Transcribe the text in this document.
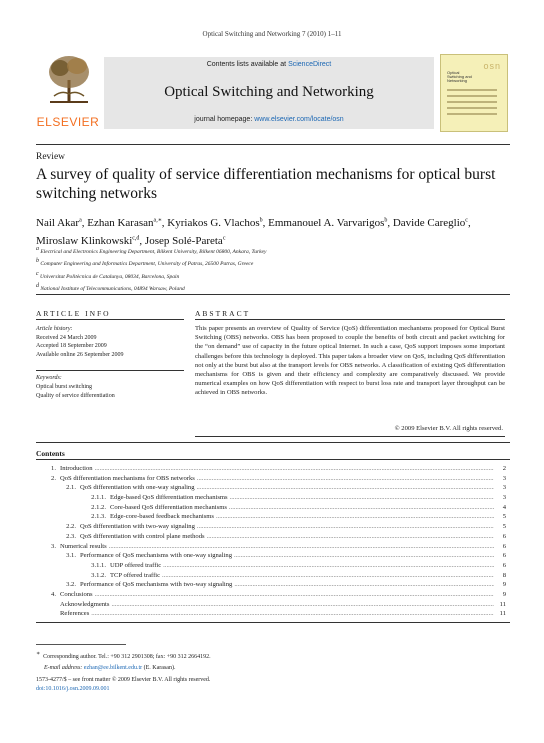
Optical Switching and Networking 7 (2010) 1–11
ELSEVIER
Contents lists available at ScienceDirect
Optical Switching and Networking
journal homepage: www.elsevier.com/locate/osn
osn
Optical Switching and Networking
Review
A survey of quality of service differentiation mechanisms for optical burst switching networks
Nail Akar$^a$, Ezhan Karasan$^{a,∗}$, Kyriakos G. Vlachos$^b$, Emmanouel A. Varvarigos$^b$, Davide Careglio$^c$, Miroslaw Klinkowski$^{c,d}$, Josep Solé-Pareta$^c$
$^a$ Electrical and Electronics Engineering Department, Bilkent University, Bilkent 06800, Ankara, Turkey
$^b$ Computer Engineering and Informatics Department, University of Patras, 26500 Patras, Greece
$^c$ Universitat Politècnica de Catalunya, 08034, Barcelona, Spain
$^d$ National Institute of Telecommunications, 04894 Warsaw, Poland
ARTICLE INFO	ABSTRACT
Article history:
Received 24 March 2009
Accepted 18 September 2009
Available online 26 September 2009
Keywords:
Optical burst switching
Quality of service differentiation
This paper presents an overview of Quality of Service (QoS) differentiation mechanisms proposed for Optical Burst Switching (OBS) networks. OBS has been proposed to couple the benefits of both circuit and packet switching for the “on demand” use of capacity in the future optical Internet. In such a case, QoS support imposes some important challenges before this technology is deployed. This paper takes a broader view on QoS, including QoS differentiation not only at the burst but also at the transport levels for OBS networks. A classification of existing QoS differentiation mechanisms for OBS is given and their efficiency and complexity are comparatively discussed. We provide numerical examples on how QoS differentiation with respect to burst loss rate and transport layer throughput can be achieved in OBS networks.
© 2009 Elsevier B.V. All rights reserved.
Contents
1. Introduction .....	2
2. QoS differentiation mechanisms for OBS networks .....	3
2.1. QoS differentiation with one-way signaling .....	3
2.1.1. Edge-based QoS differentiation mechanisms .....	3
2.1.2. Core-based QoS differentiation mechanisms .....	4
2.1.3. Edge-core-based feedback mechanisms .....	5
2.2. QoS differentiation with two-way signaling .....	5
2.3. QoS differentiation with control plane methods .....	6
3. Numerical results .....	6
3.1. Performance of QoS mechanisms with one-way signaling .....	6
3.1.1. UDP offered traffic .....	6
3.1.2. TCP offered traffic .....	8
3.2. Performance of QoS mechanisms with two-way signaling .....	9
4. Conclusions .....	9
Acknowledgments .....	11
References .....	11
∗ Corresponding author. Tel.: +90 312 2901308; fax: +90 312 2664192.
E-mail address: ezhan@ee.bilkent.edu.tr (E. Karasan).
1573-4277/$ – see front matter © 2009 Elsevier B.V. All rights reserved.
doi:10.1016/j.osn.2009.09.001
